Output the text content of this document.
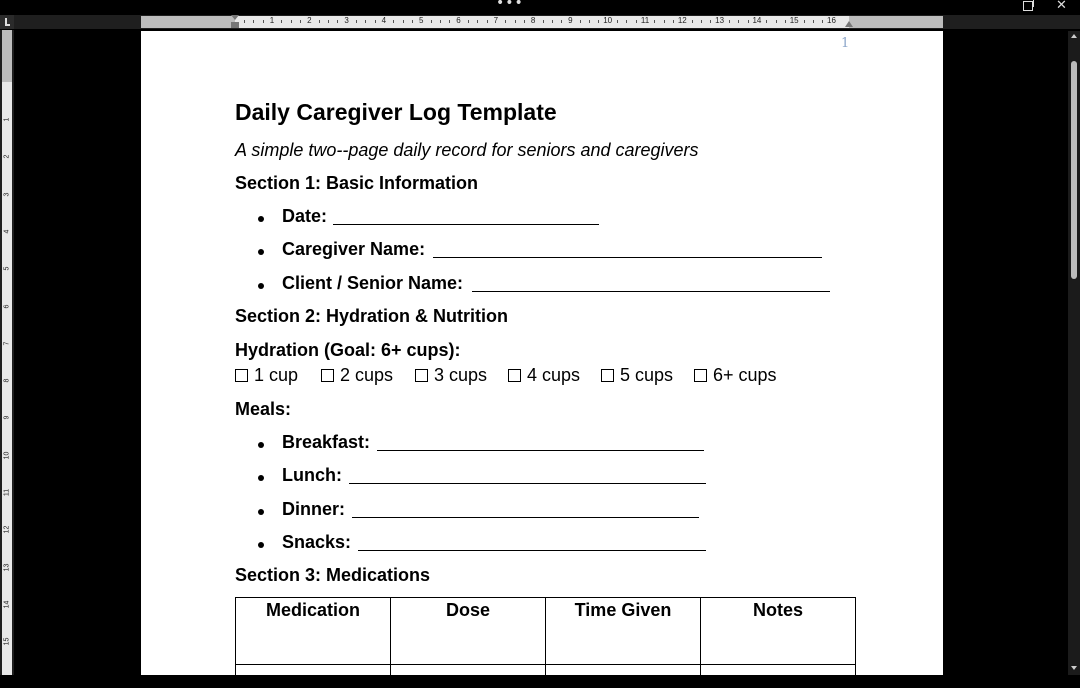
•••	✕
1	2	3	4	5	6	7	8	9	10	11	12	13	14	15	16
1
2
3
4
5
6
7
8
9
10
11
12
13
14
15
1
Daily Caregiver Log Template
A simple two--page daily record for seniors and caregivers
Section 1: Basic Information
Date:
Caregiver Name:
Client / Senior Name:
Section 2: Hydration & Nutrition
Hydration (Goal: 6+ cups):
1 cup	2 cups	3 cups	4 cups	5 cups	6+ cups
Meals:
Breakfast:
Lunch:
Dinner:
Snacks:
Section 3: Medications
Medication	Dose	Time Given	Notes
